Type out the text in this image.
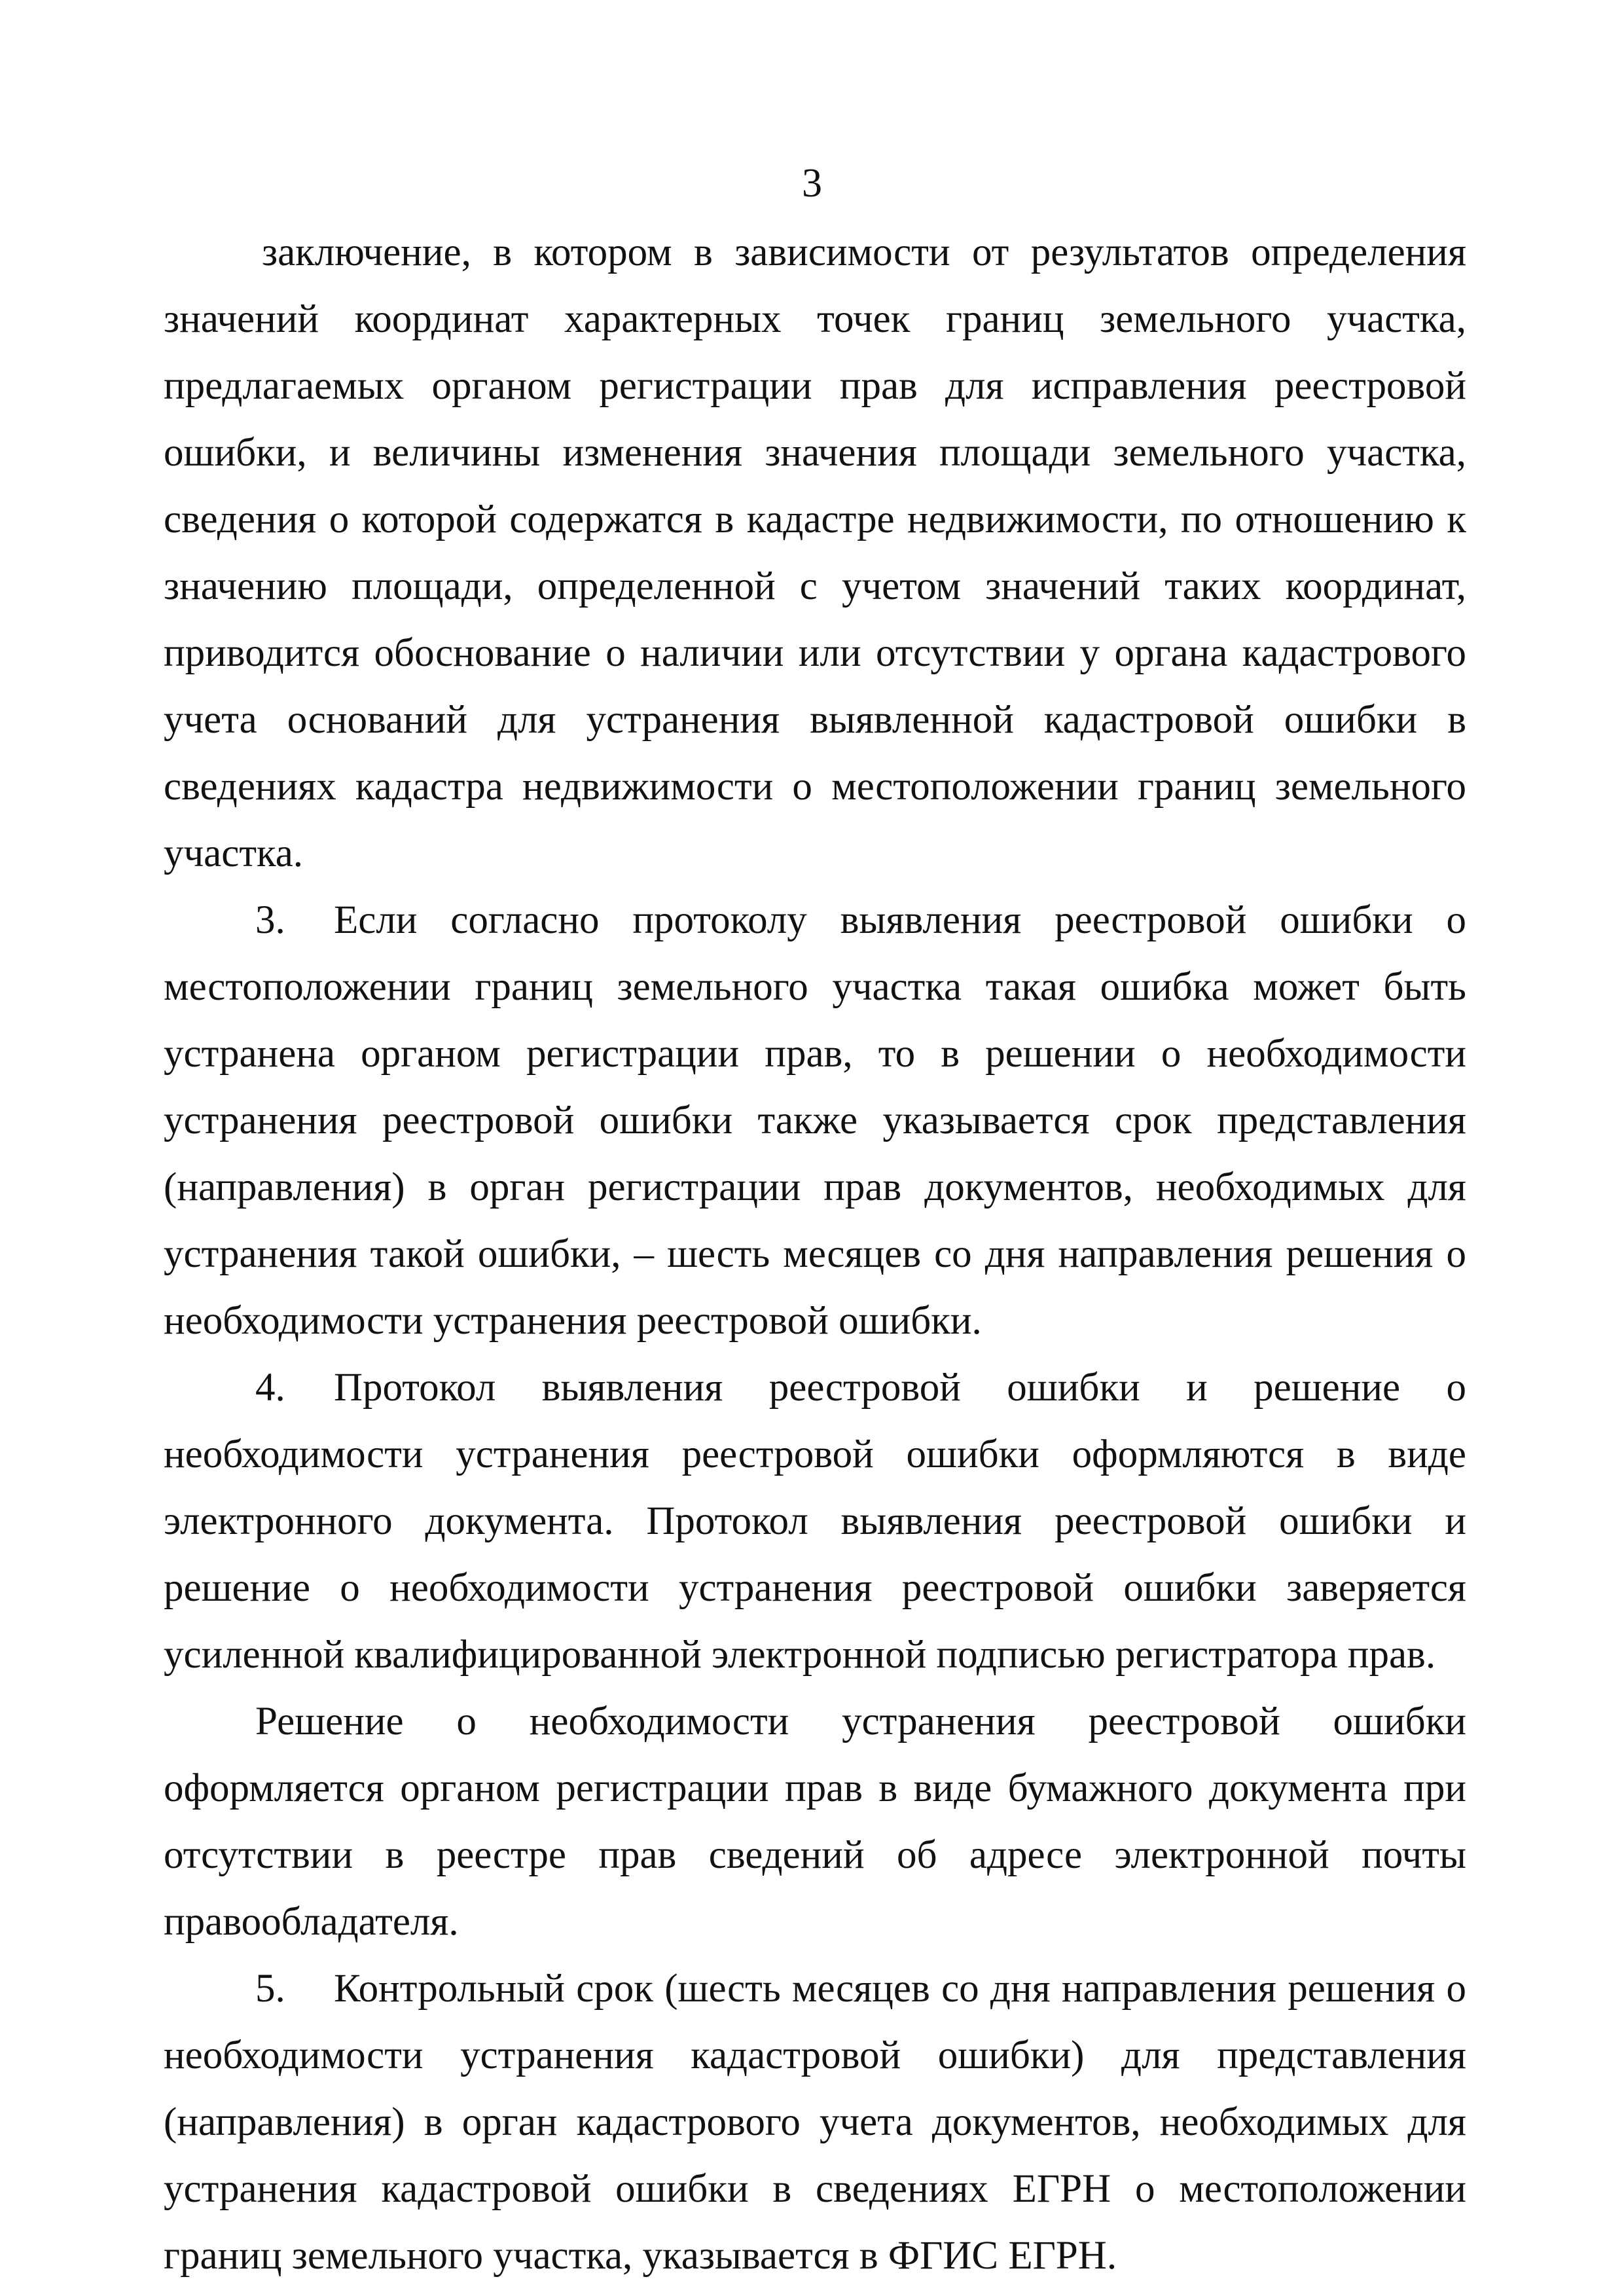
3

заключение, в котором в зависимости от результатов определения значений координат характерных точек границ земельного участка, предлагаемых органом регистрации прав для исправления реестровой ошибки, и величины изменения значения площади земельного участка, сведения о которой содержатся в кадастре недвижимости, по отношению к значению площади, определенной с учетом значений таких координат, приводится обоснование о наличии или отсутствии у органа кадастрового учета оснований для устранения выявленной кадастровой ошибки в сведениях кадастра недвижимости о местоположении границ земельного участка.

3. Если согласно протоколу выявления реестровой ошибки о местоположении границ земельного участка такая ошибка может быть устранена органом регистрации прав, то в решении о необходимости устранения реестровой ошибки также указывается срок представления (направления) в орган регистрации прав документов, необходимых для устранения такой ошибки, – шесть месяцев со дня направления решения о необходимости устранения реестровой ошибки.

4. Протокол выявления реестровой ошибки и решение о необходимости устранения реестровой ошибки оформляются в виде электронного документа. Протокол выявления реестровой ошибки и решение о необходимости устранения реестровой ошибки заверяется усиленной квалифицированной электронной подписью регистратора прав.

Решение о необходимости устранения реестровой ошибки оформляется органом регистрации прав в виде бумажного документа при отсутствии в реестре прав сведений об адресе электронной почты правообладателя.

5. Контрольный срок (шесть месяцев со дня направления решения о необходимости устранения кадастровой ошибки) для представления (направления) в орган кадастрового учета документов, необходимых для устранения кадастровой ошибки в сведениях ЕГРН о местоположении границ земельного участка, указывается в ФГИС ЕГРН.
